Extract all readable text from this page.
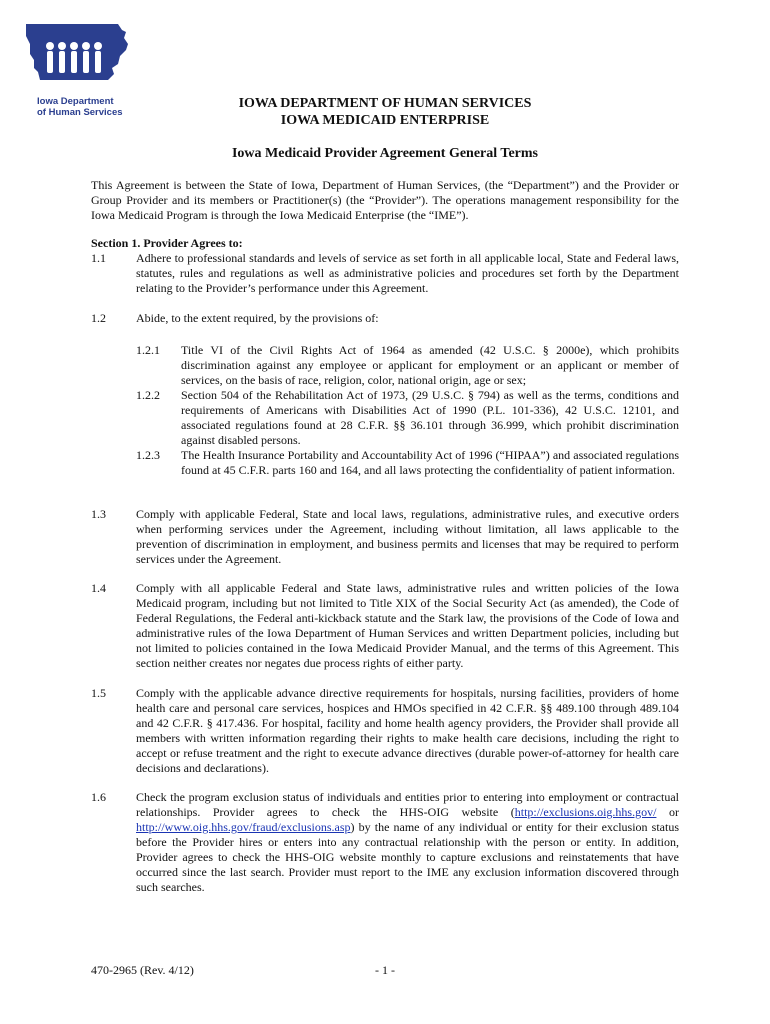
Iowa Department
of Human Services
IOWA DEPARTMENT OF HUMAN SERVICES
IOWA MEDICAID ENTERPRISE
Iowa Medicaid Provider Agreement General Terms
This Agreement is between the State of Iowa, Department of Human Services, (the “Department”) and the Provider or Group Provider and its members or Practitioner(s) (the “Provider”). The operations management responsibility for the Iowa Medicaid Program is through the Iowa Medicaid Enterprise (the “IME”).
Section 1. Provider Agrees to:
1.1	Adhere to professional standards and levels of service as set forth in all applicable local, State and Federal laws, statutes, rules and regulations as well as administrative policies and procedures set forth by the Department relating to the Provider’s performance under this Agreement.
1.2	Abide, to the extent required, by the provisions of:
1.2.1 Title VI of the Civil Rights Act of 1964 as amended (42 U.S.C. § 2000e), which prohibits discrimination against any employee or applicant for employment or an applicant or member of services, on the basis of race, religion, color, national origin, age or sex;
1.2.2 Section 504 of the Rehabilitation Act of 1973, (29 U.S.C. § 794) as well as the terms, conditions and requirements of Americans with Disabilities Act of 1990 (P.L. 101-336), 42 U.S.C. 12101, and associated regulations found at 28 C.F.R. §§ 36.101 through 36.999, which prohibit discrimination against disabled persons.
1.2.3 The Health Insurance Portability and Accountability Act of 1996 (“HIPAA”) and associated regulations found at 45 C.F.R. parts 160 and 164, and all laws protecting the confidentiality of patient information.
1.3	Comply with applicable Federal, State and local laws, regulations, administrative rules, and executive orders when performing services under the Agreement, including without limitation, all laws applicable to the prevention of discrimination in employment, and business permits and licenses that may be required to perform services under the Agreement.
1.4	Comply with all applicable Federal and State laws, administrative rules and written policies of the Iowa Medicaid program, including but not limited to Title XIX of the Social Security Act (as amended), the Code of Federal Regulations, the Federal anti-kickback statute and the Stark law, the provisions of the Code of Iowa and administrative rules of the Iowa Department of Human Services and written Department policies, including but not limited to policies contained in the Iowa Medicaid Provider Manual, and the terms of this Agreement. This section neither creates nor negates due process rights of either party.
1.5	Comply with the applicable advance directive requirements for hospitals, nursing facilities, providers of home health care and personal care services, hospices and HMOs specified in 42 C.F.R. §§ 489.100 through 489.104 and 42 C.F.R. § 417.436. For hospital, facility and home health agency providers, the Provider shall provide all members with written information regarding their rights to make health care decisions, including the right to accept or refuse treatment and the right to execute advance directives (durable power-of-attorney for health care decisions and declarations).
1.6	Check the program exclusion status of individuals and entities prior to entering into employment or contractual relationships. Provider agrees to check the HHS-OIG website (http://exclusions.oig.hhs.gov/ or http://www.oig.hhs.gov/fraud/exclusions.asp) by the name of any individual or entity for their exclusion status before the Provider hires or enters into any contractual relationship with the person or entity. In addition, Provider agrees to check the HHS-OIG website monthly to capture exclusions and reinstatements that have occurred since the last search. Provider must report to the IME any exclusion information discovered through such searches.
470-2965 (Rev. 4/12)	- 1 -
